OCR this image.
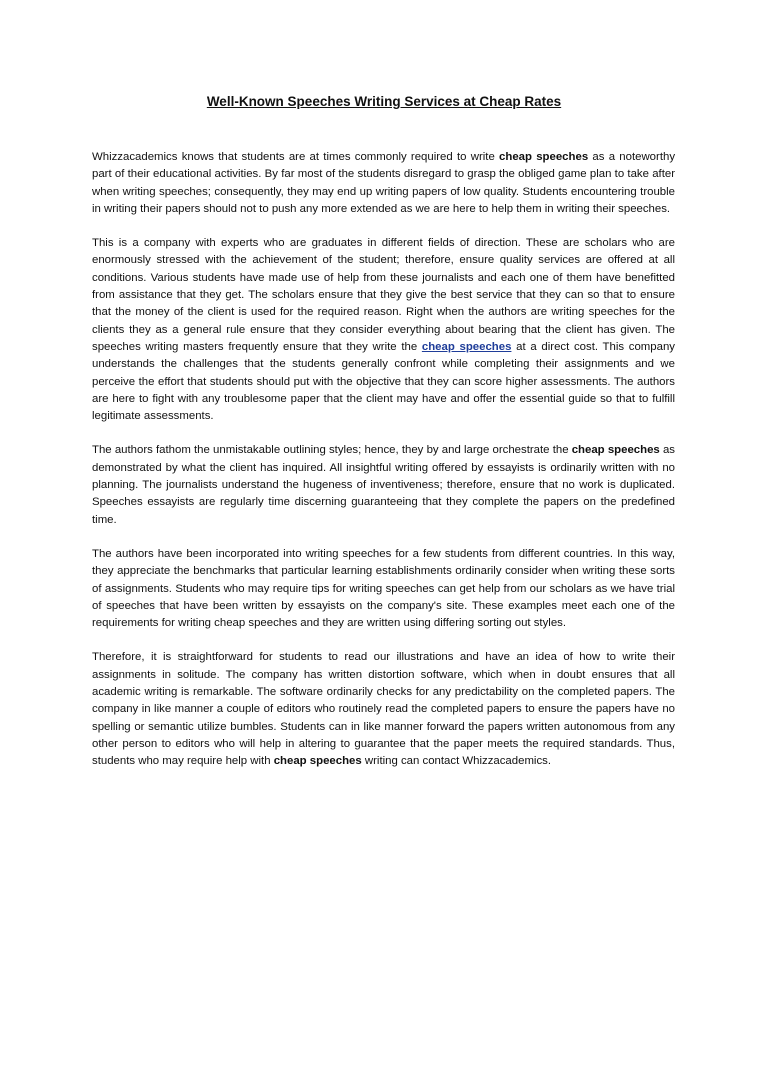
Well-Known Speeches Writing Services at Cheap Rates

Whizzacademics knows that students are at times commonly required to write cheap speeches as a noteworthy part of their educational activities. By far most of the students disregard to grasp the obliged game plan to take after when writing speeches; consequently, they may end up writing papers of low quality. Students encountering trouble in writing their papers should not to push any more extended as we are here to help them in writing their speeches.

This is a company with experts who are graduates in different fields of direction. These are scholars who are enormously stressed with the achievement of the student; therefore, ensure quality services are offered at all conditions. Various students have made use of help from these journalists and each one of them have benefitted from assistance that they get. The scholars ensure that they give the best service that they can so that to ensure that the money of the client is used for the required reason. Right when the authors are writing speeches for the clients they as a general rule ensure that they consider everything about bearing that the client has given. The speeches writing masters frequently ensure that they write the cheap speeches at a direct cost. This company understands the challenges that the students generally confront while completing their assignments and we perceive the effort that students should put with the objective that they can score higher assessments. The authors are here to fight with any troublesome paper that the client may have and offer the essential guide so that to fulfill legitimate assessments.

The authors fathom the unmistakable outlining styles; hence, they by and large orchestrate the cheap speeches as demonstrated by what the client has inquired. All insightful writing offered by essayists is ordinarily written with no planning. The journalists understand the hugeness of inventiveness; therefore, ensure that no work is duplicated. Speeches essayists are regularly time discerning guaranteeing that they complete the papers on the predefined time.

The authors have been incorporated into writing speeches for a few students from different countries. In this way, they appreciate the benchmarks that particular learning establishments ordinarily consider when writing these sorts of assignments. Students who may require tips for writing speeches can get help from our scholars as we have trial of speeches that have been written by essayists on the company's site. These examples meet each one of the requirements for writing cheap speeches and they are written using differing sorting out styles.

Therefore, it is straightforward for students to read our illustrations and have an idea of how to write their assignments in solitude. The company has written distortion software, which when in doubt ensures that all academic writing is remarkable. The software ordinarily checks for any predictability on the completed papers. The company in like manner a couple of editors who routinely read the completed papers to ensure the papers have no spelling or semantic utilize bumbles. Students can in like manner forward the papers written autonomous from any other person to editors who will help in altering to guarantee that the paper meets the required standards. Thus, students who may require help with cheap speeches writing can contact Whizzacademics.
